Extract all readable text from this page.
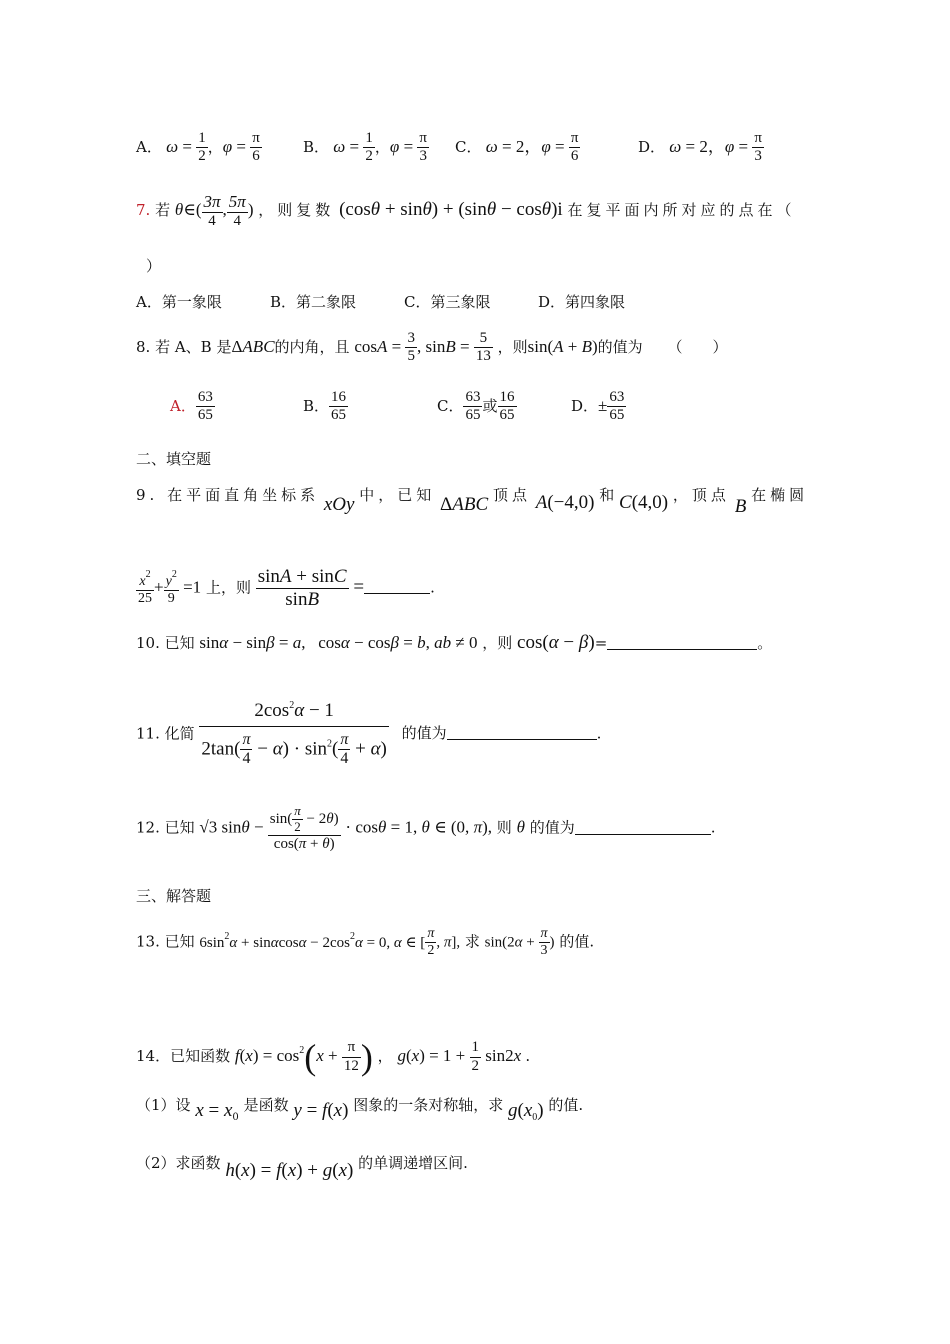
A． $\omega = \frac{1}{2}$ ，$\varphi = \frac{\pi}{6}$	B． $\omega = \frac{1}{2}$ ，$\varphi = \frac{\pi}{3}$ C． ω = 2，$\varphi = \frac{\pi}{6}$	D． ω = 2，$\varphi = \frac{\pi}{3}$
7. 若 θ∈( $\frac{3\pi}{4}$ , $\frac{5\pi}{4}$ ) ，则复数 (cosθ + sinθ) + (sinθ − cosθ)i 在复平面内所对应的点在（
）
A．第一象限	B．第二象限	C．第三象限	D．第四象限
8. 若 A、B 是ΔABC的内角，且 $\cos A = \frac{3}{5}$ , $\sin B = \frac{5}{13}$ ，则sin(A + B)的值为 （　　）
A． $\frac{63}{65}$	B． $\frac{16}{65}$	C． $\frac{63}{65}$ 或 $\frac{16}{65}$	D．± $\frac{63}{65}$
二、填空题
9. 在平面直角坐标系 xOy 中，已知 ΔABC 顶点 A(−4,0) 和 C(4,0) ，顶点 B 在椭圆
$\frac{x^2}{25} + \frac{y^2}{9} =1$ 上，则 $\frac{\sin A + \sin C}{\sin B}$ =	.
10. 已知 sinα − sinβ = a,   cosα − cosβ = b, ab ≠ 0 ，则 cos(α − β)=	。
11. 化简 $\frac{2\cos^2\alpha - 1}{2\tan( \frac{\pi}{4} - \alpha) \cdot \sin^2( \frac{\pi}{4} + \alpha)}$ 的值为	.
12. 已知 √3 $\sin\theta - \frac{\sin( \frac{\pi}{2} - 2\theta)}{\cos(\pi + \theta)} \cdot \cos\theta = 1$, θ ∈ (0, π), 则 θ 的值为	.
三、解答题
13. 已知 $6\sin^2\alpha + \sin\alpha\cos\alpha - 2\cos^2\alpha = 0$, α ∈ [ $\frac{\pi}{2}$ , π], 求 $\sin(2\alpha + \frac{\pi}{3}$ ) 的值.
14．已知函数 $f(x) = \cos^2(x + \frac{\pi}{12}$ ) ， $g(x) = 1 + \frac{1}{2} \sin 2x$ .
（1）设 $x = x_0$ 是函数 y = f(x) 图象的一条对称轴，求 $g(x_0)$ 的值.
（2）求函数 h(x) = f(x) + g(x) 的单调递增区间.
